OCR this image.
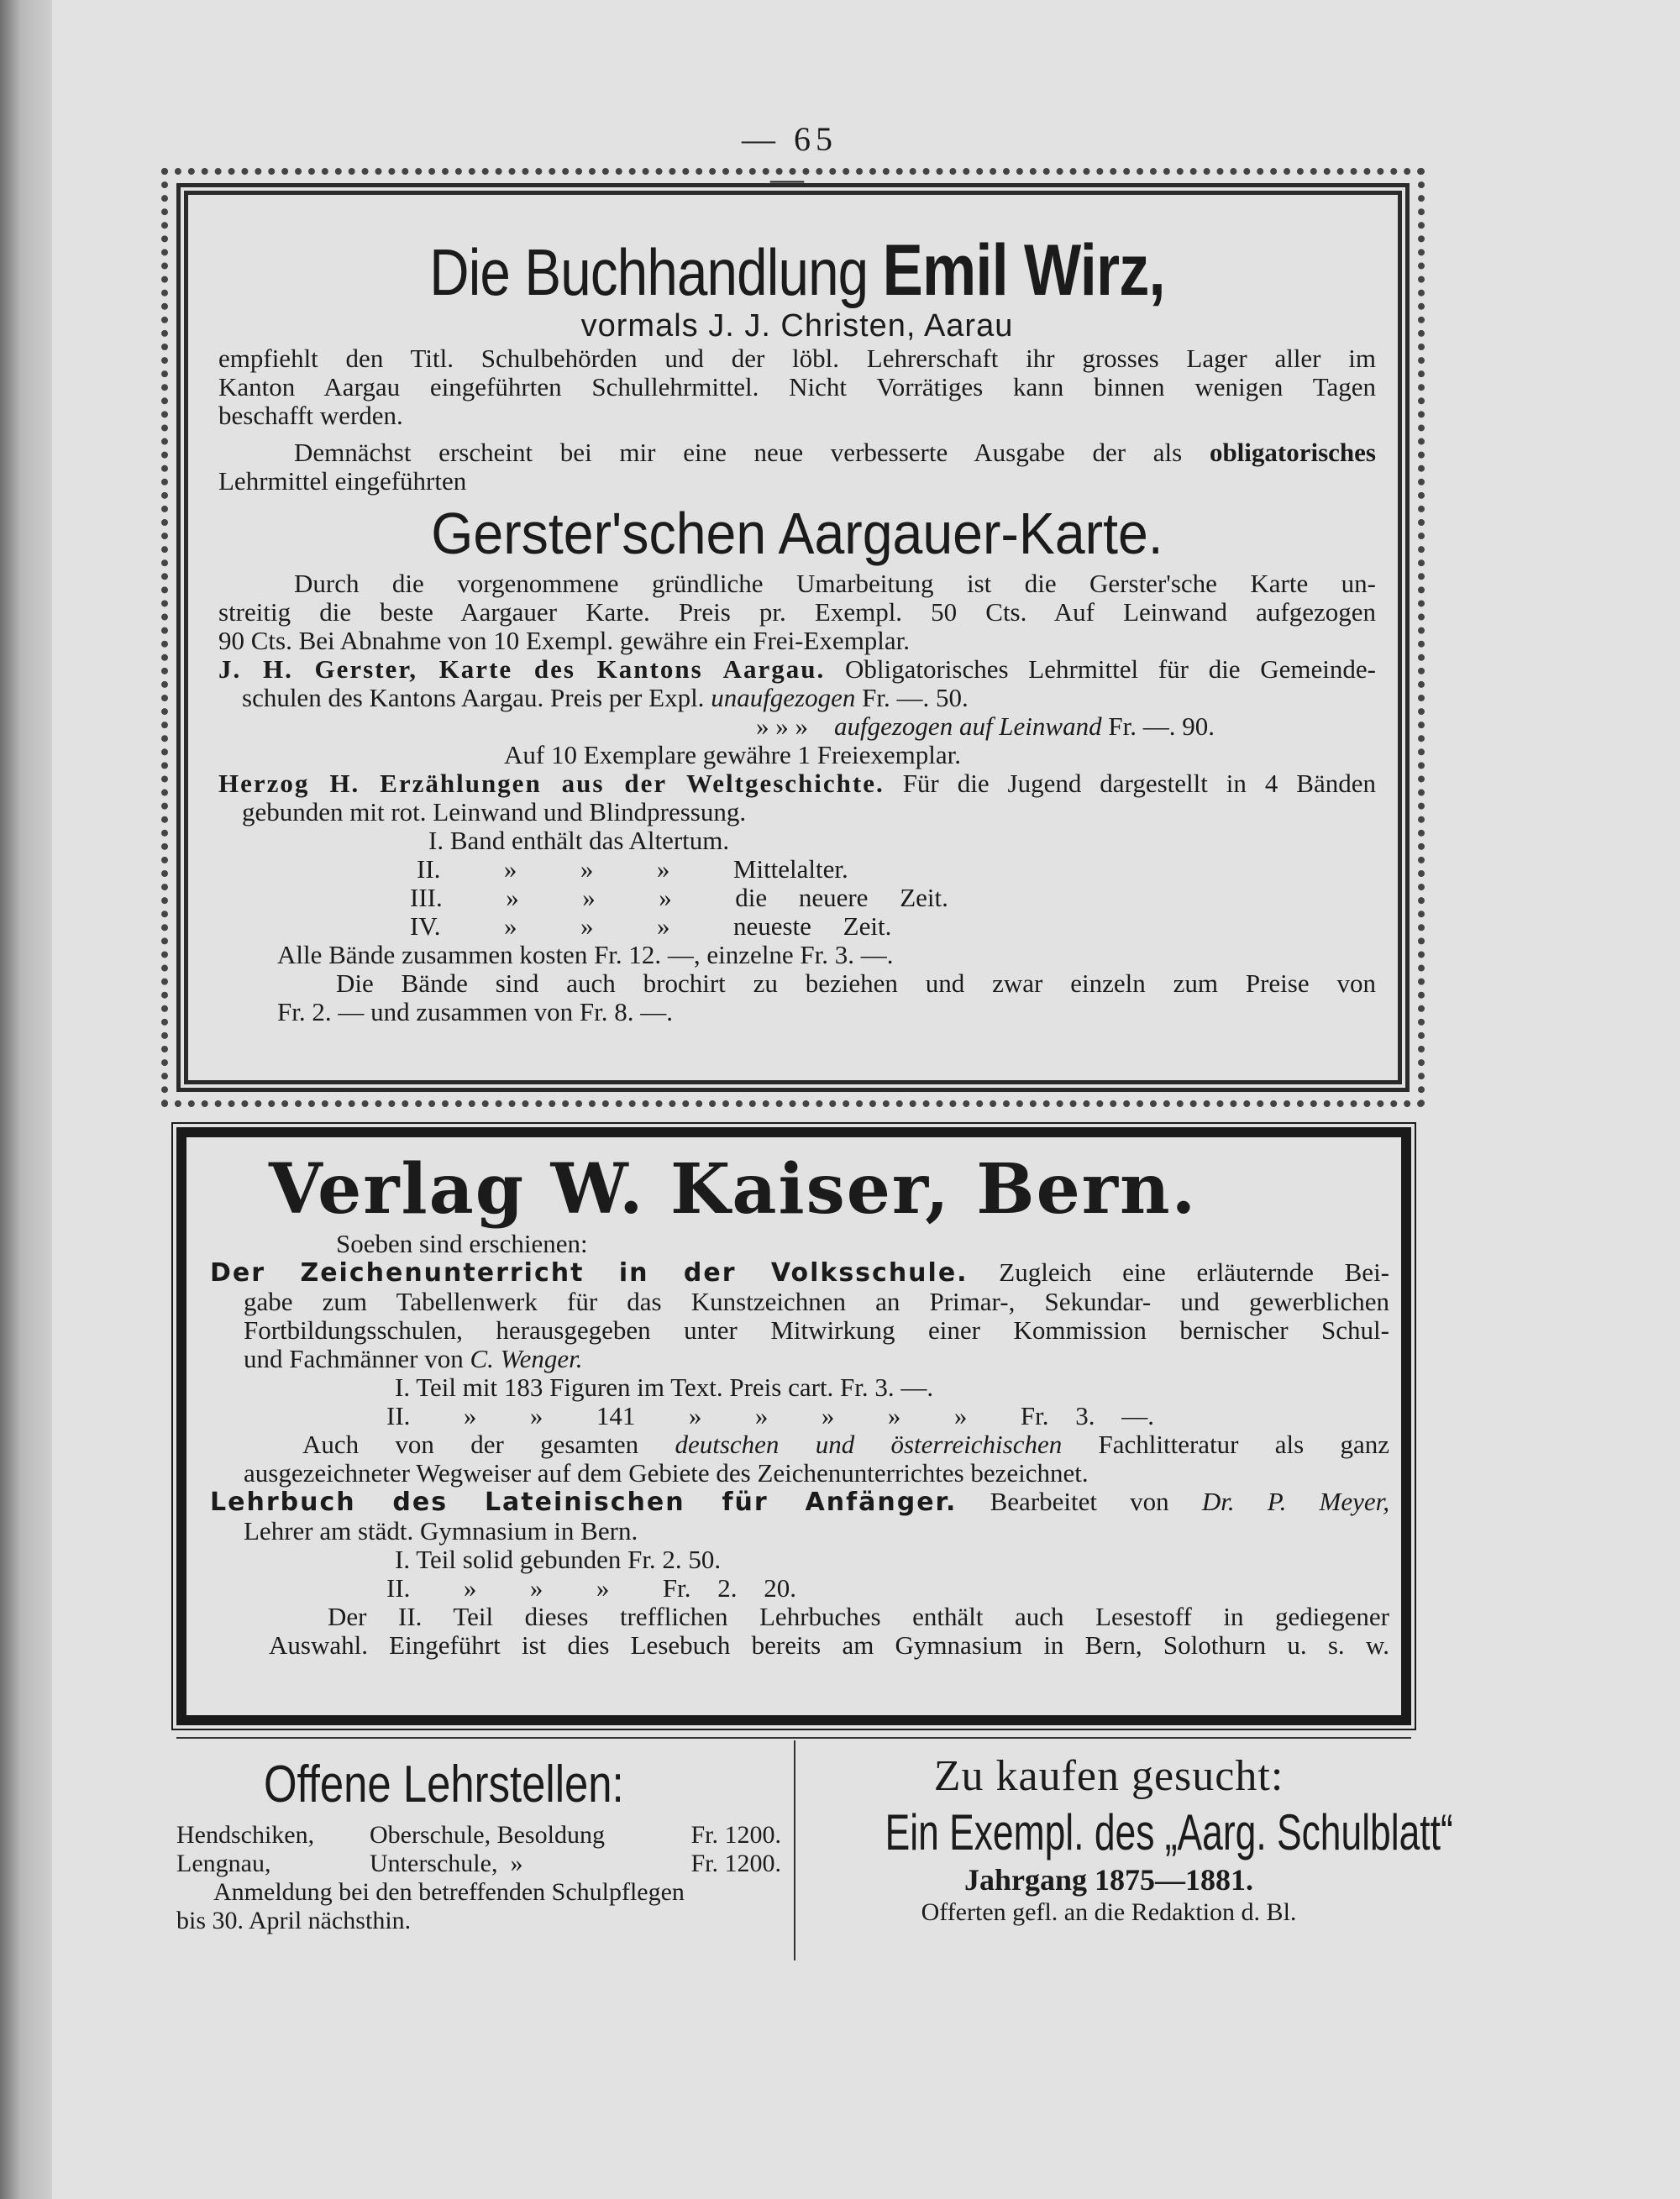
— 65 —
Die Buchhandlung Emil Wirz,
vormals J. J. Christen, Aarau
empfiehlt den Titl. Schulbehörden und der löbl. Lehrerschaft ihr grosses Lager aller im
Kanton Aargau eingeführten Schullehrmittel. Nicht Vorrätiges kann binnen wenigen Tagen
beschafft werden.
Demnächst erscheint bei mir eine neue verbesserte Ausgabe der als obligatorisches
Lehrmittel eingeführten
Gerster'schen Aargauer-Karte.
Durch die vorgenommene gründliche Umarbeitung ist die Gerster'sche Karte un-
streitig die beste Aargauer Karte. Preis pr. Exempl. 50 Cts. Auf Leinwand aufgezogen
90 Cts. Bei Abnahme von 10 Exempl. gewähre ein Frei-Exemplar.
J. H. Gerster, Karte des Kantons Aargau. Obligatorisches Lehrmittel für die Gemeinde-
schulen des Kantons Aargau. Preis per Expl. unaufgezogen Fr. —. 50.
» » » aufgezogen auf Leinwand Fr. —. 90.
Auf 10 Exemplare gewähre 1 Freiexemplar.
Herzog H. Erzählungen aus der Weltgeschichte. Für die Jugend dargestellt in 4 Bänden
gebunden mit rot. Leinwand und Blindpressung.
I. Band enthält das Altertum.
II.  »  »  »  Mittelalter.
III.  »  »  »  die neuere Zeit.
IV.  »  »  »  neueste Zeit.
Alle Bände zusammen kosten Fr. 12. —, einzelne Fr. 3. —.
Die Bände sind auch brochirt zu beziehen und zwar einzeln zum Preise von
Fr. 2. — und zusammen von Fr. 8. —.
Verlag W. Kaiser, Bern.
Soeben sind erschienen:
Der Zeichenunterricht in der Volksschule. Zugleich eine erläuternde Bei-
gabe zum Tabellenwerk für das Kunstzeichnen an Primar-, Sekundar- und gewerblichen
Fortbildungsschulen, herausgegeben unter Mitwirkung einer Kommission bernischer Schul-
und Fachmänner von C. Wenger.
I. Teil mit 183 Figuren im Text. Preis cart. Fr. 3. —.
II.  »  »  141  »  »  »  »  »  Fr. 3. —.
Auch von der gesamten deutschen und österreichischen Fachlitteratur als ganz
ausgezeichneter Wegweiser auf dem Gebiete des Zeichenunterrichtes bezeichnet.
Lehrbuch des Lateinischen für Anfänger. Bearbeitet von Dr. P. Meyer,
Lehrer am städt. Gymnasium in Bern.
I. Teil solid gebunden Fr. 2. 50.
II.  »  »  »  Fr. 2. 20.
Der II. Teil dieses trefflichen Lehrbuches enthält auch Lesestoff in gediegener
Auswahl. Eingeführt ist dies Lesebuch bereits am Gymnasium in Bern, Solothurn u. s. w.
Offene Lehrstellen:
Hendschiken,	Oberschule, Besoldung	Fr. 1200.
Lengnau,	Unterschule,  »	Fr. 1200.
Anmeldung bei den betreffenden Schulpflegen
bis 30. April nächsthin.
Zu kaufen gesucht:
Ein Exempl. des „Aarg. Schulblatt“
Jahrgang 1875—1881.
Offerten gefl. an die Redaktion d. Bl.
